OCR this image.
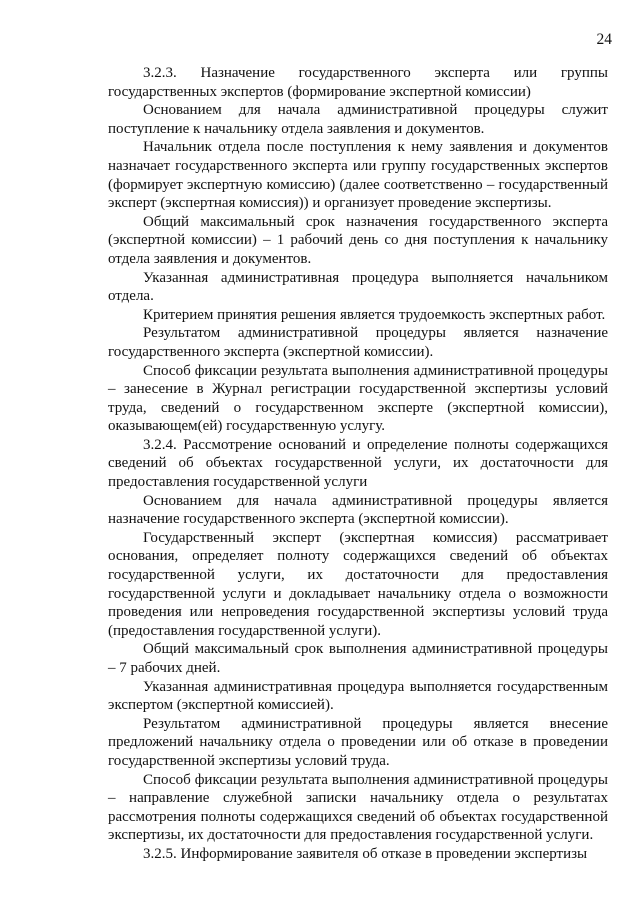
24

3.2.3. Назначение государственного эксперта или группы государственных экспертов (формирование экспертной комиссии)

Основанием для начала административной процедуры служит поступление к начальнику отдела заявления и документов.

Начальник отдела после поступления к нему заявления и документов назначает государственного эксперта или группу государственных экспертов (формирует экспертную комиссию) (далее соответственно – государственный эксперт (экспертная комиссия)) и организует проведение экспертизы.

Общий максимальный срок назначения государственного эксперта (экспертной комиссии) – 1 рабочий день со дня поступления к начальнику отдела заявления и документов.

Указанная административная процедура выполняется начальником отдела.

Критерием принятия решения является трудоемкость экспертных работ.

Результатом административной процедуры является назначение государственного эксперта (экспертной комиссии).

Способ фиксации результата выполнения административной процедуры – занесение в Журнал регистрации государственной экспертизы условий труда, сведений о государственном эксперте (экспертной комиссии), оказывающем(ей) государственную услугу.

3.2.4. Рассмотрение оснований и определение полноты содержащихся сведений об объектах государственной услуги, их достаточности для предоставления государственной услуги

Основанием для начала административной процедуры является назначение государственного эксперта (экспертной комиссии).

Государственный эксперт (экспертная комиссия) рассматривает основания, определяет полноту содержащихся сведений об объектах государственной услуги, их достаточности для предоставления государственной услуги и докладывает начальнику отдела о возможности проведения или непроведения государственной экспертизы условий труда (предоставления государственной услуги).

Общий максимальный срок выполнения административной процедуры – 7 рабочих дней.

Указанная административная процедура выполняется государственным экспертом (экспертной комиссией).

Результатом административной процедуры является внесение предложений начальнику отдела о проведении или об отказе в проведении государственной экспертизы условий труда.

Способ фиксации результата выполнения административной процедуры – направление служебной записки начальнику отдела о результатах рассмотрения полноты содержащихся сведений об объектах государственной экспертизы, их достаточности для предоставления государственной услуги.

3.2.5. Информирование заявителя об отказе в проведении экспертизы
